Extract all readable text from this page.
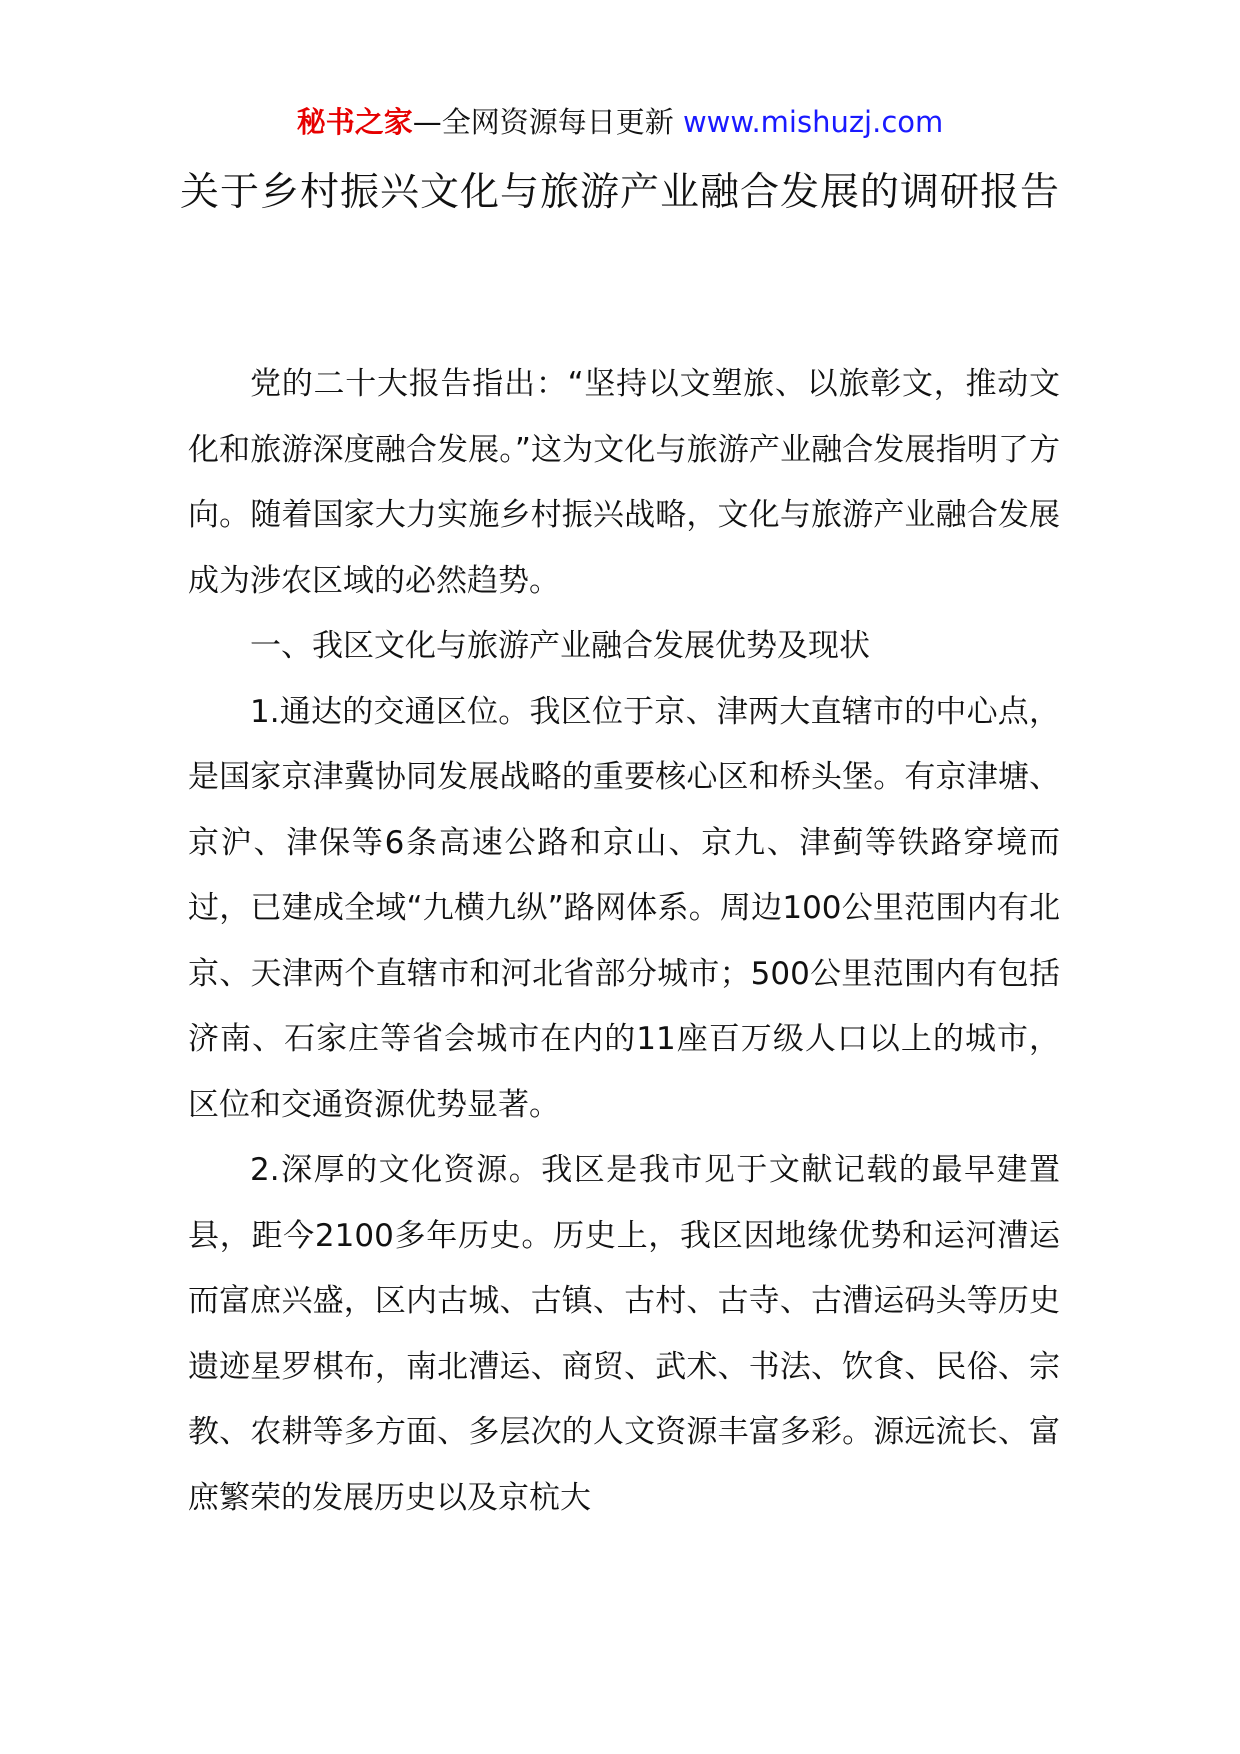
秘书之家—全网资源每日更新 www.mishuzj.com
关于乡村振兴文化与旅游产业融合发展的调研报告

党的二十大报告指出：“坚持以文塑旅、以旅彰文，推动文化和旅游深度融合发展。”这为文化与旅游产业融合发展指明了方向。随着国家大力实施乡村振兴战略，文化与旅游产业融合发展成为涉农区域的必然趋势。

一、我区文化与旅游产业融合发展优势及现状

1.通达的交通区位。我区位于京、津两大直辖市的中心点，是国家京津冀协同发展战略的重要核心区和桥头堡。有京津塘、京沪、津保等6条高速公路和京山、京九、津蓟等铁路穿境而过，已建成全域“九横九纵”路网体系。周边100公里范围内有北京、天津两个直辖市和河北省部分城市；500公里范围内有包括济南、石家庄等省会城市在内的11座百万级人口以上的城市，区位和交通资源优势显著。

2.深厚的文化资源。我区是我市见于文献记载的最早建置县，距今2100多年历史。历史上，我区因地缘优势和运河漕运而富庶兴盛，区内古城、古镇、古村、古寺、古漕运码头等历史遗迹星罗棋布，南北漕运、商贸、武术、书法、饮食、民俗、宗教、农耕等多方面、多层次的人文资源丰富多彩。源远流长、富庶繁荣的发展历史以及京杭大
